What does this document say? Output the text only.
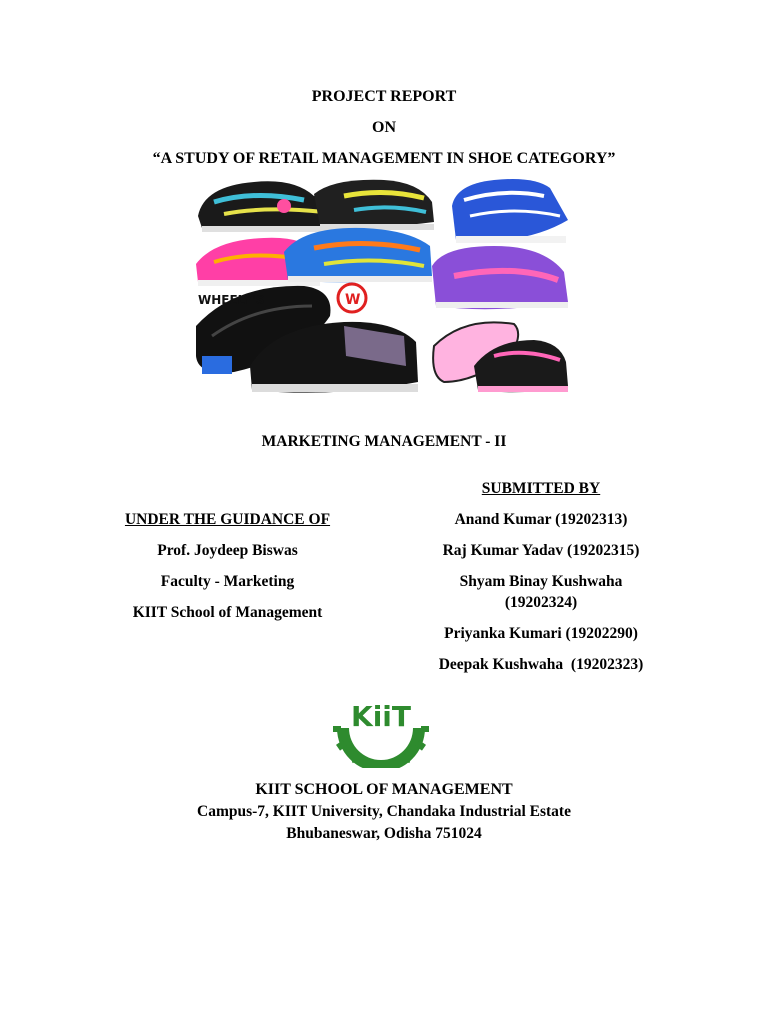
PROJECT REPORT
ON
“A STUDY OF RETAIL MANAGEMENT IN SHOE CATEGORY”
WHEELY'S	W
MARKETING MANAGEMENT - II
SUBMITTED BY
Anand Kumar (19202313)
Raj Kumar Yadav (19202315)
Shyam Binay Kushwaha
(19202324)
Priyanka Kumari (19202290)
Deepak Kushwaha  (19202323)
UNDER THE GUIDANCE OF
Prof. Joydeep Biswas
Faculty - Marketing
KIIT School of Management
KiiT
KIIT SCHOOL OF MANAGEMENT
Campus-7, KIIT University, Chandaka Industrial Estate
Bhubaneswar, Odisha 751024
